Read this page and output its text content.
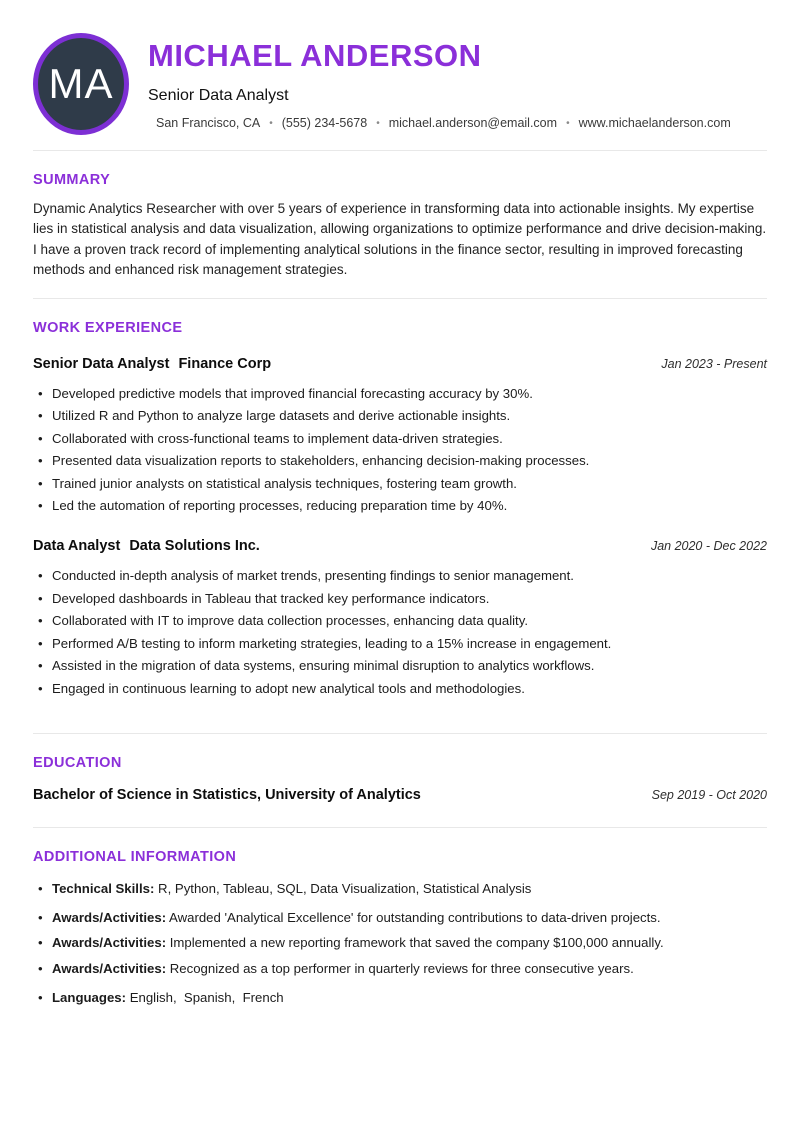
MA
MICHAEL ANDERSON
Senior Data Analyst
San Francisco, CA • (555) 234-5678 • michael.anderson@email.com • www.michaelanderson.com
SUMMARY
Dynamic Analytics Researcher with over 5 years of experience in transforming data into actionable insights. My expertise lies in statistical analysis and data visualization, allowing organizations to optimize performance and drive decision-making. I have a proven track record of implementing analytical solutions in the finance sector, resulting in improved forecasting methods and enhanced risk management strategies.
WORK EXPERIENCE
Senior Data Analyst Finance Corp	Jan 2023 - Present
• Developed predictive models that improved financial forecasting accuracy by 30%.
• Utilized R and Python to analyze large datasets and derive actionable insights.
• Collaborated with cross-functional teams to implement data-driven strategies.
• Presented data visualization reports to stakeholders, enhancing decision-making processes.
• Trained junior analysts on statistical analysis techniques, fostering team growth.
• Led the automation of reporting processes, reducing preparation time by 40%.
Data Analyst Data Solutions Inc.	Jan 2020 - Dec 2022
• Conducted in-depth analysis of market trends, presenting findings to senior management.
• Developed dashboards in Tableau that tracked key performance indicators.
• Collaborated with IT to improve data collection processes, enhancing data quality.
• Performed A/B testing to inform marketing strategies, leading to a 15% increase in engagement.
• Assisted in the migration of data systems, ensuring minimal disruption to analytics workflows.
• Engaged in continuous learning to adopt new analytical tools and methodologies.
EDUCATION
Bachelor of Science in Statistics, University of Analytics	Sep 2019 - Oct 2020
ADDITIONAL INFORMATION
• Technical Skills: R, Python, Tableau, SQL, Data Visualization, Statistical Analysis
• Awards/Activities: Awarded 'Analytical Excellence' for outstanding contributions to data-driven projects.
• Awards/Activities: Implemented a new reporting framework that saved the company $100,000 annually.
• Awards/Activities: Recognized as a top performer in quarterly reviews for three consecutive years.
• Languages: English,  Spanish,  French
